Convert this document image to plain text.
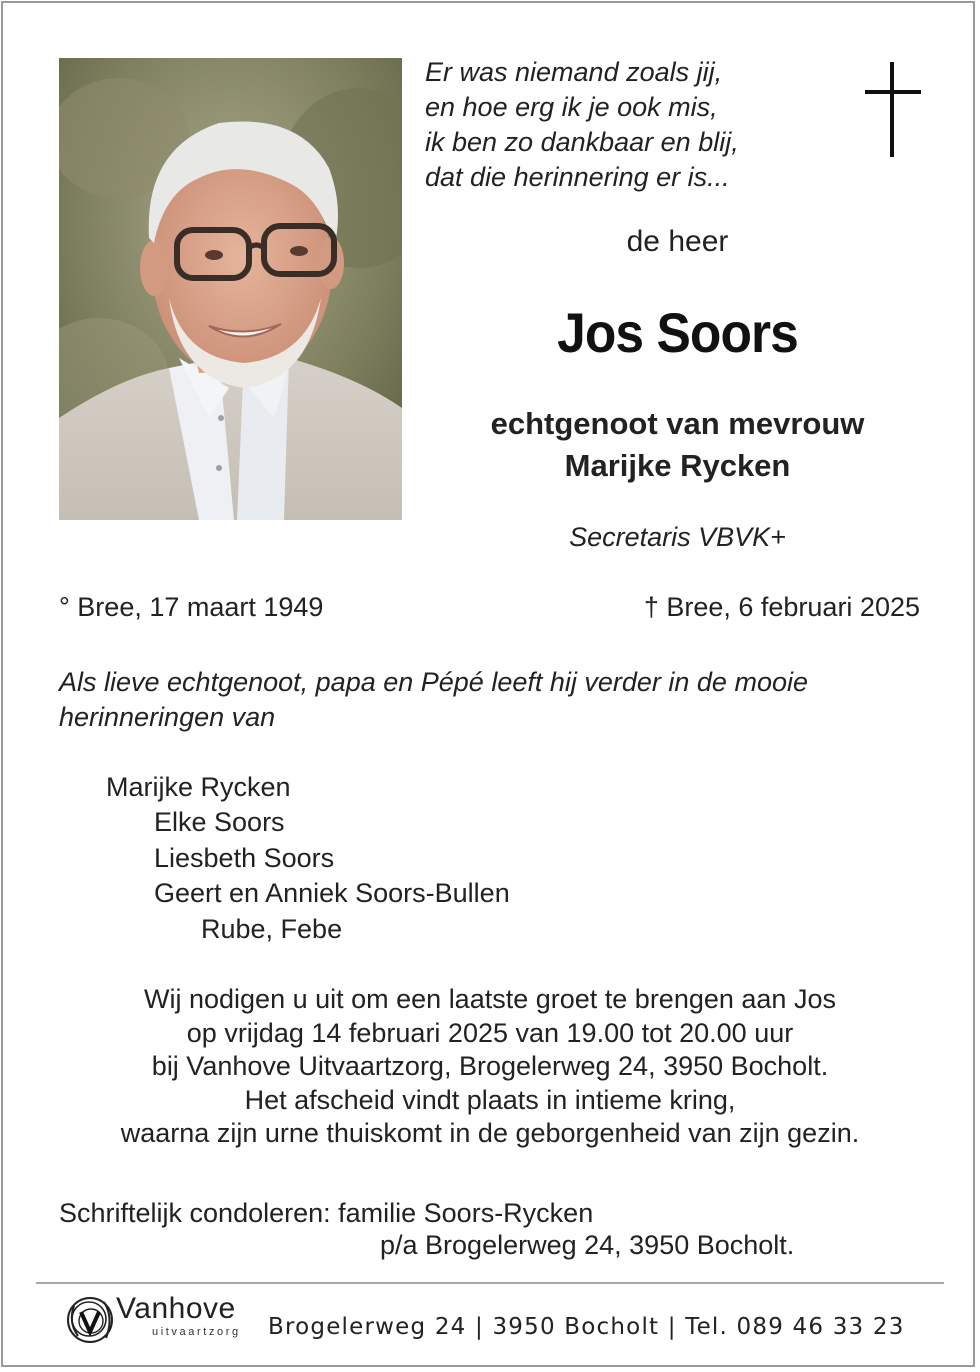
Er was niemand zoals jij,
en hoe erg ik je ook mis,
ik ben zo dankbaar en blij,
dat die herinnering er is...
de heer
Jos Soors
echtgenoot van mevrouw
Marijke Rycken
Secretaris VBVK+
° Bree, 17 maart 1949	† Bree, 6 februari 2025
Als lieve echtgenoot, papa en Pépé leeft hij verder in de mooie herinneringen van
Marijke Rycken
Elke Soors
Liesbeth Soors
Geert en Anniek Soors-Bullen
Rube, Febe
Wij nodigen u uit om een laatste groet te brengen aan Jos
op vrijdag 14 februari 2025 van 19.00 tot 20.00 uur
bij Vanhove Uitvaartzorg, Brogelerweg 24, 3950 Bocholt.
Het afscheid vindt plaats in intieme kring,
waarna zijn urne thuiskomt in de geborgenheid van zijn gezin.
Schriftelijk condoleren: familie Soors-Rycken
p/a Brogelerweg 24, 3950 Bocholt.
Vanhove
uitvaartzorg Brogelerweg 24 | 3950 Bocholt | Tel. 089 46 33 23
